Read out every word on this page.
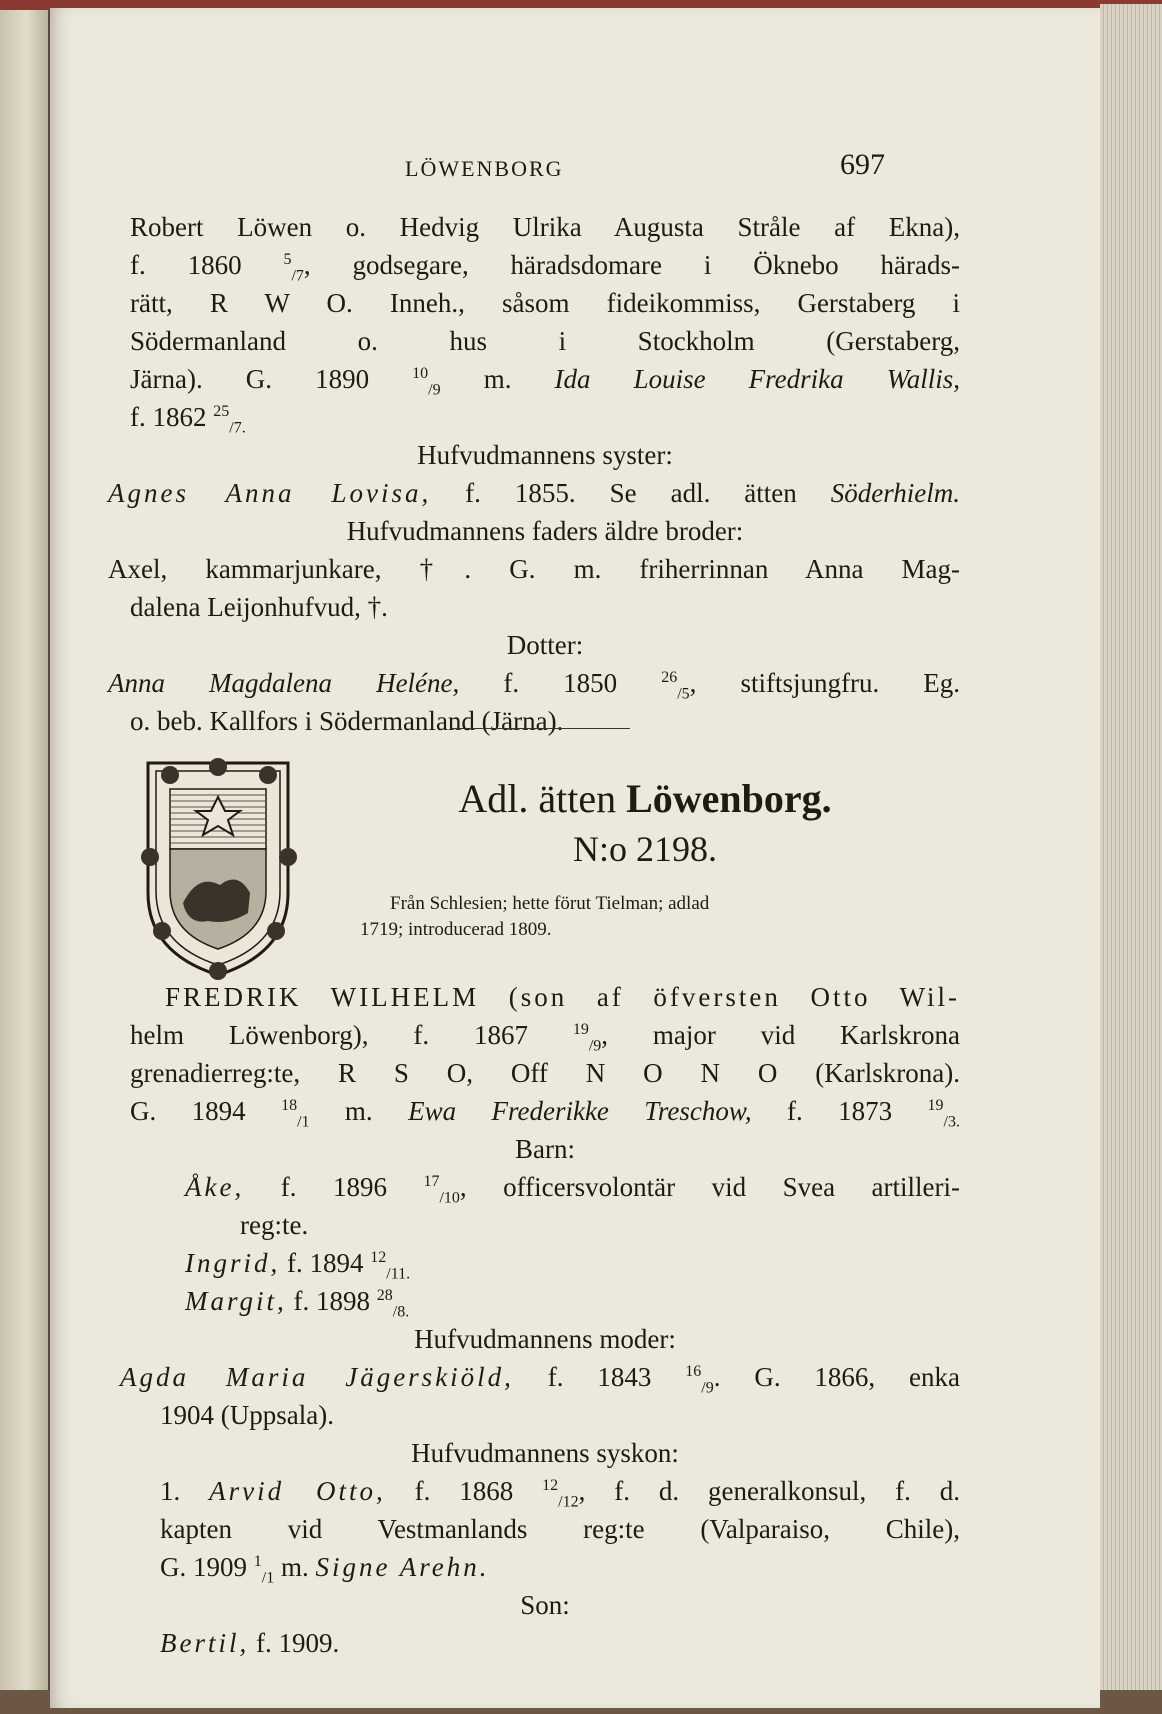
LÖWENBORG	697
Robert Löwen o. Hedvig Ulrika Augusta Stråle af Ekna),
f. 1860 $^5_{/7}$, godsegare, häradsdomare i Öknebo härads-
rätt, R W O. Inneh., såsom fideikommiss, Gerstaberg i
Södermanland o. hus i Stockholm (Gerstaberg,
Järna). G. 1890 $^{10}_{/9}$ m. Ida Louise Fredrika Wallis,
f. 1862 $^{25}_{/7.}$
Hufvudmannens syster:
Agnes Anna Lovisa, f. 1855. Se adl. ätten Söderhielm.
Hufvudmannens faders äldre broder:
Axel, kammarjunkare, †. G. m. friherrinnan Anna Mag-
dalena Leijonhufvud, †.
Dotter:
Anna Magdalena Heléne, f. 1850 $^{26}_{/5}$, stiftsjungfru. Eg.
o. beb. Kallfors i Södermanland (Järna).
Adl. ätten Löwenborg.
N:o 2198.
Från Schlesien; hette förut Tielman; adlad
1719; introducerad 1809.
FREDRIK WILHELM (son af öfversten Otto Wil-
helm Löwenborg), f. 1867 $^{19}_{/9}$, major vid Karlskrona
grenadierreg:te, R S O, Off N O N O (Karlskrona).
G. 1894 $^{18}_{/1}$ m. Ewa Frederikke Treschow, f. 1873 $^{19}_{/3.}$
Barn:
Åke, f. 1896 $^{17}_{/10}$, officersvolontär vid Svea artilleri-
reg:te.
Ingrid, f. 1894 $^{12}_{/11.}$
Margit, f. 1898 $^{28}_{/8.}$
Hufvudmannens moder:
Agda Maria Jägerskiöld, f. 1843 $^{16}_{/9}$. G. 1866, enka
1904 (Uppsala).
Hufvudmannens syskon:
1. Arvid Otto, f. 1868 $^{12}_{/12}$, f. d. generalkonsul, f. d.
kapten vid Vestmanlands reg:te (Valparaiso, Chile),
G. 1909 $^1_{/1}$ m. Signe Arehn.
Son:
Bertil, f. 1909.
